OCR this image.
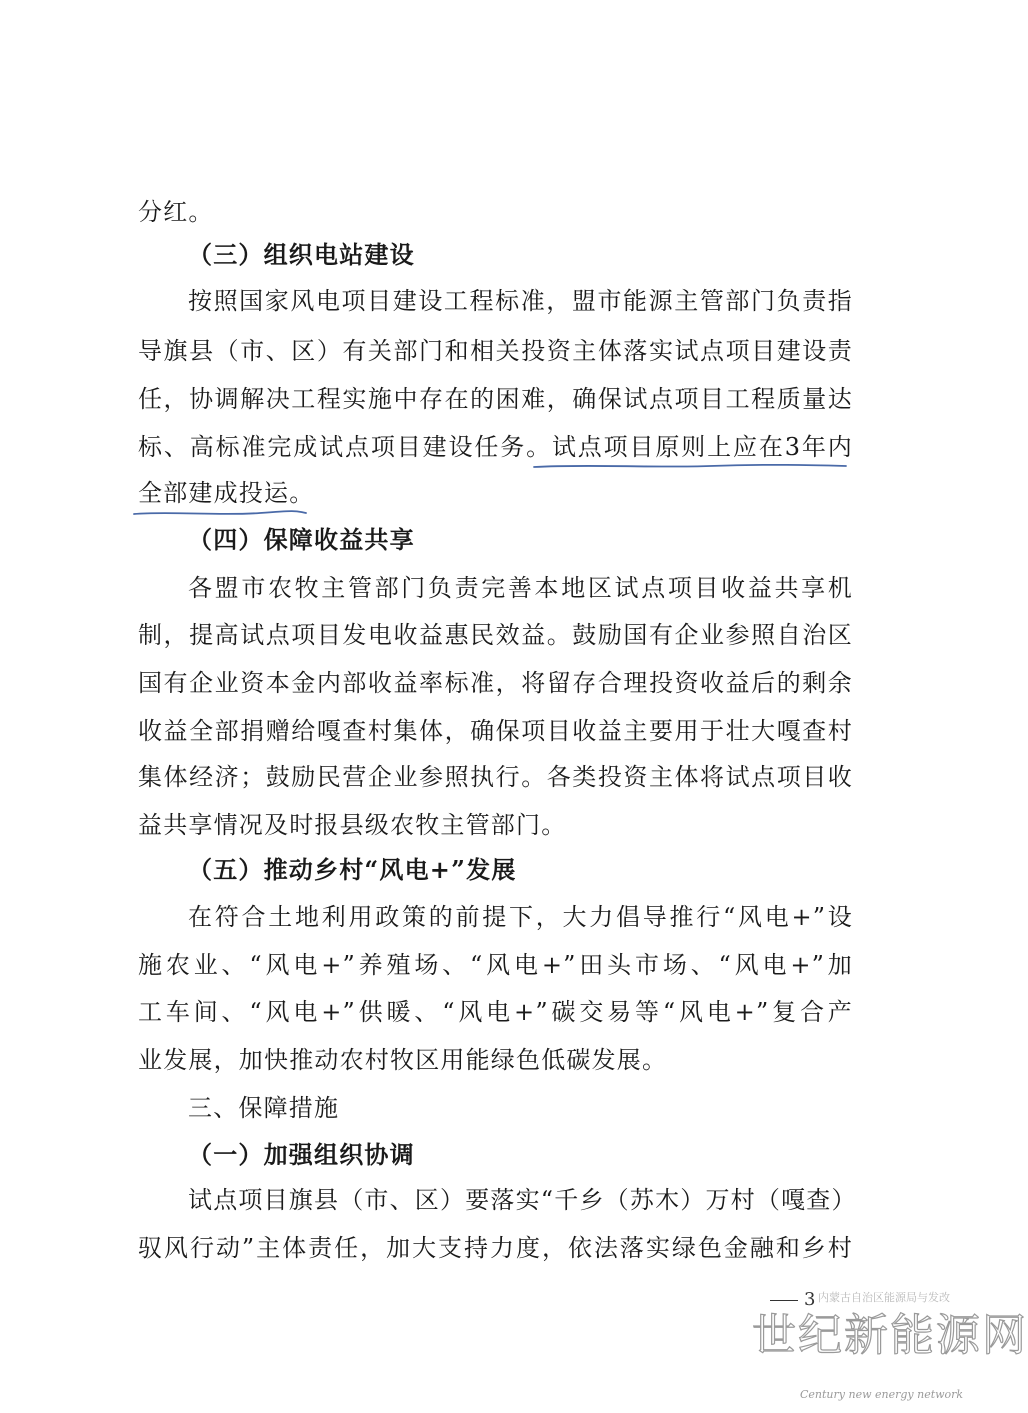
分红。
（三）组织电站建设
按照国家风电项目建设工程标准，盟市能源主管部门负责指
导旗县（市、区）有关部门和相关投资主体落实试点项目建设责
任，协调解决工程实施中存在的困难，确保试点项目工程质量达
标、高标准完成试点项目建设任务。试点项目原则上应在3年内
全部建成投运。
（四）保障收益共享
各盟市农牧主管部门负责完善本地区试点项目收益共享机
制，提高试点项目发电收益惠民效益。鼓励国有企业参照自治区
国有企业资本金内部收益率标准，将留存合理投资收益后的剩余
收益全部捐赠给嘎查村集体，确保项目收益主要用于壮大嘎查村
集体经济；鼓励民营企业参照执行。各类投资主体将试点项目收
益共享情况及时报县级农牧主管部门。
（五）推动乡村“风电+”发展
在符合土地利用政策的前提下，大力倡导推行“风电+”设
施农业、“风电+”养殖场、“风电+”田头市场、“风电+”加
工车间、“风电+”供暖、“风电+”碳交易等“风电+”复合产
业发展，加快推动农村牧区用能绿色低碳发展。
三、保障措施
（一）加强组织协调
试点项目旗县（市、区）要落实“千乡（苏木）万村（嘎查）
驭风行动”主体责任，加大支持力度，依法落实绿色金融和乡村
3 内蒙古自治区能源局与发改
世纪新能源网
Century new energy network
